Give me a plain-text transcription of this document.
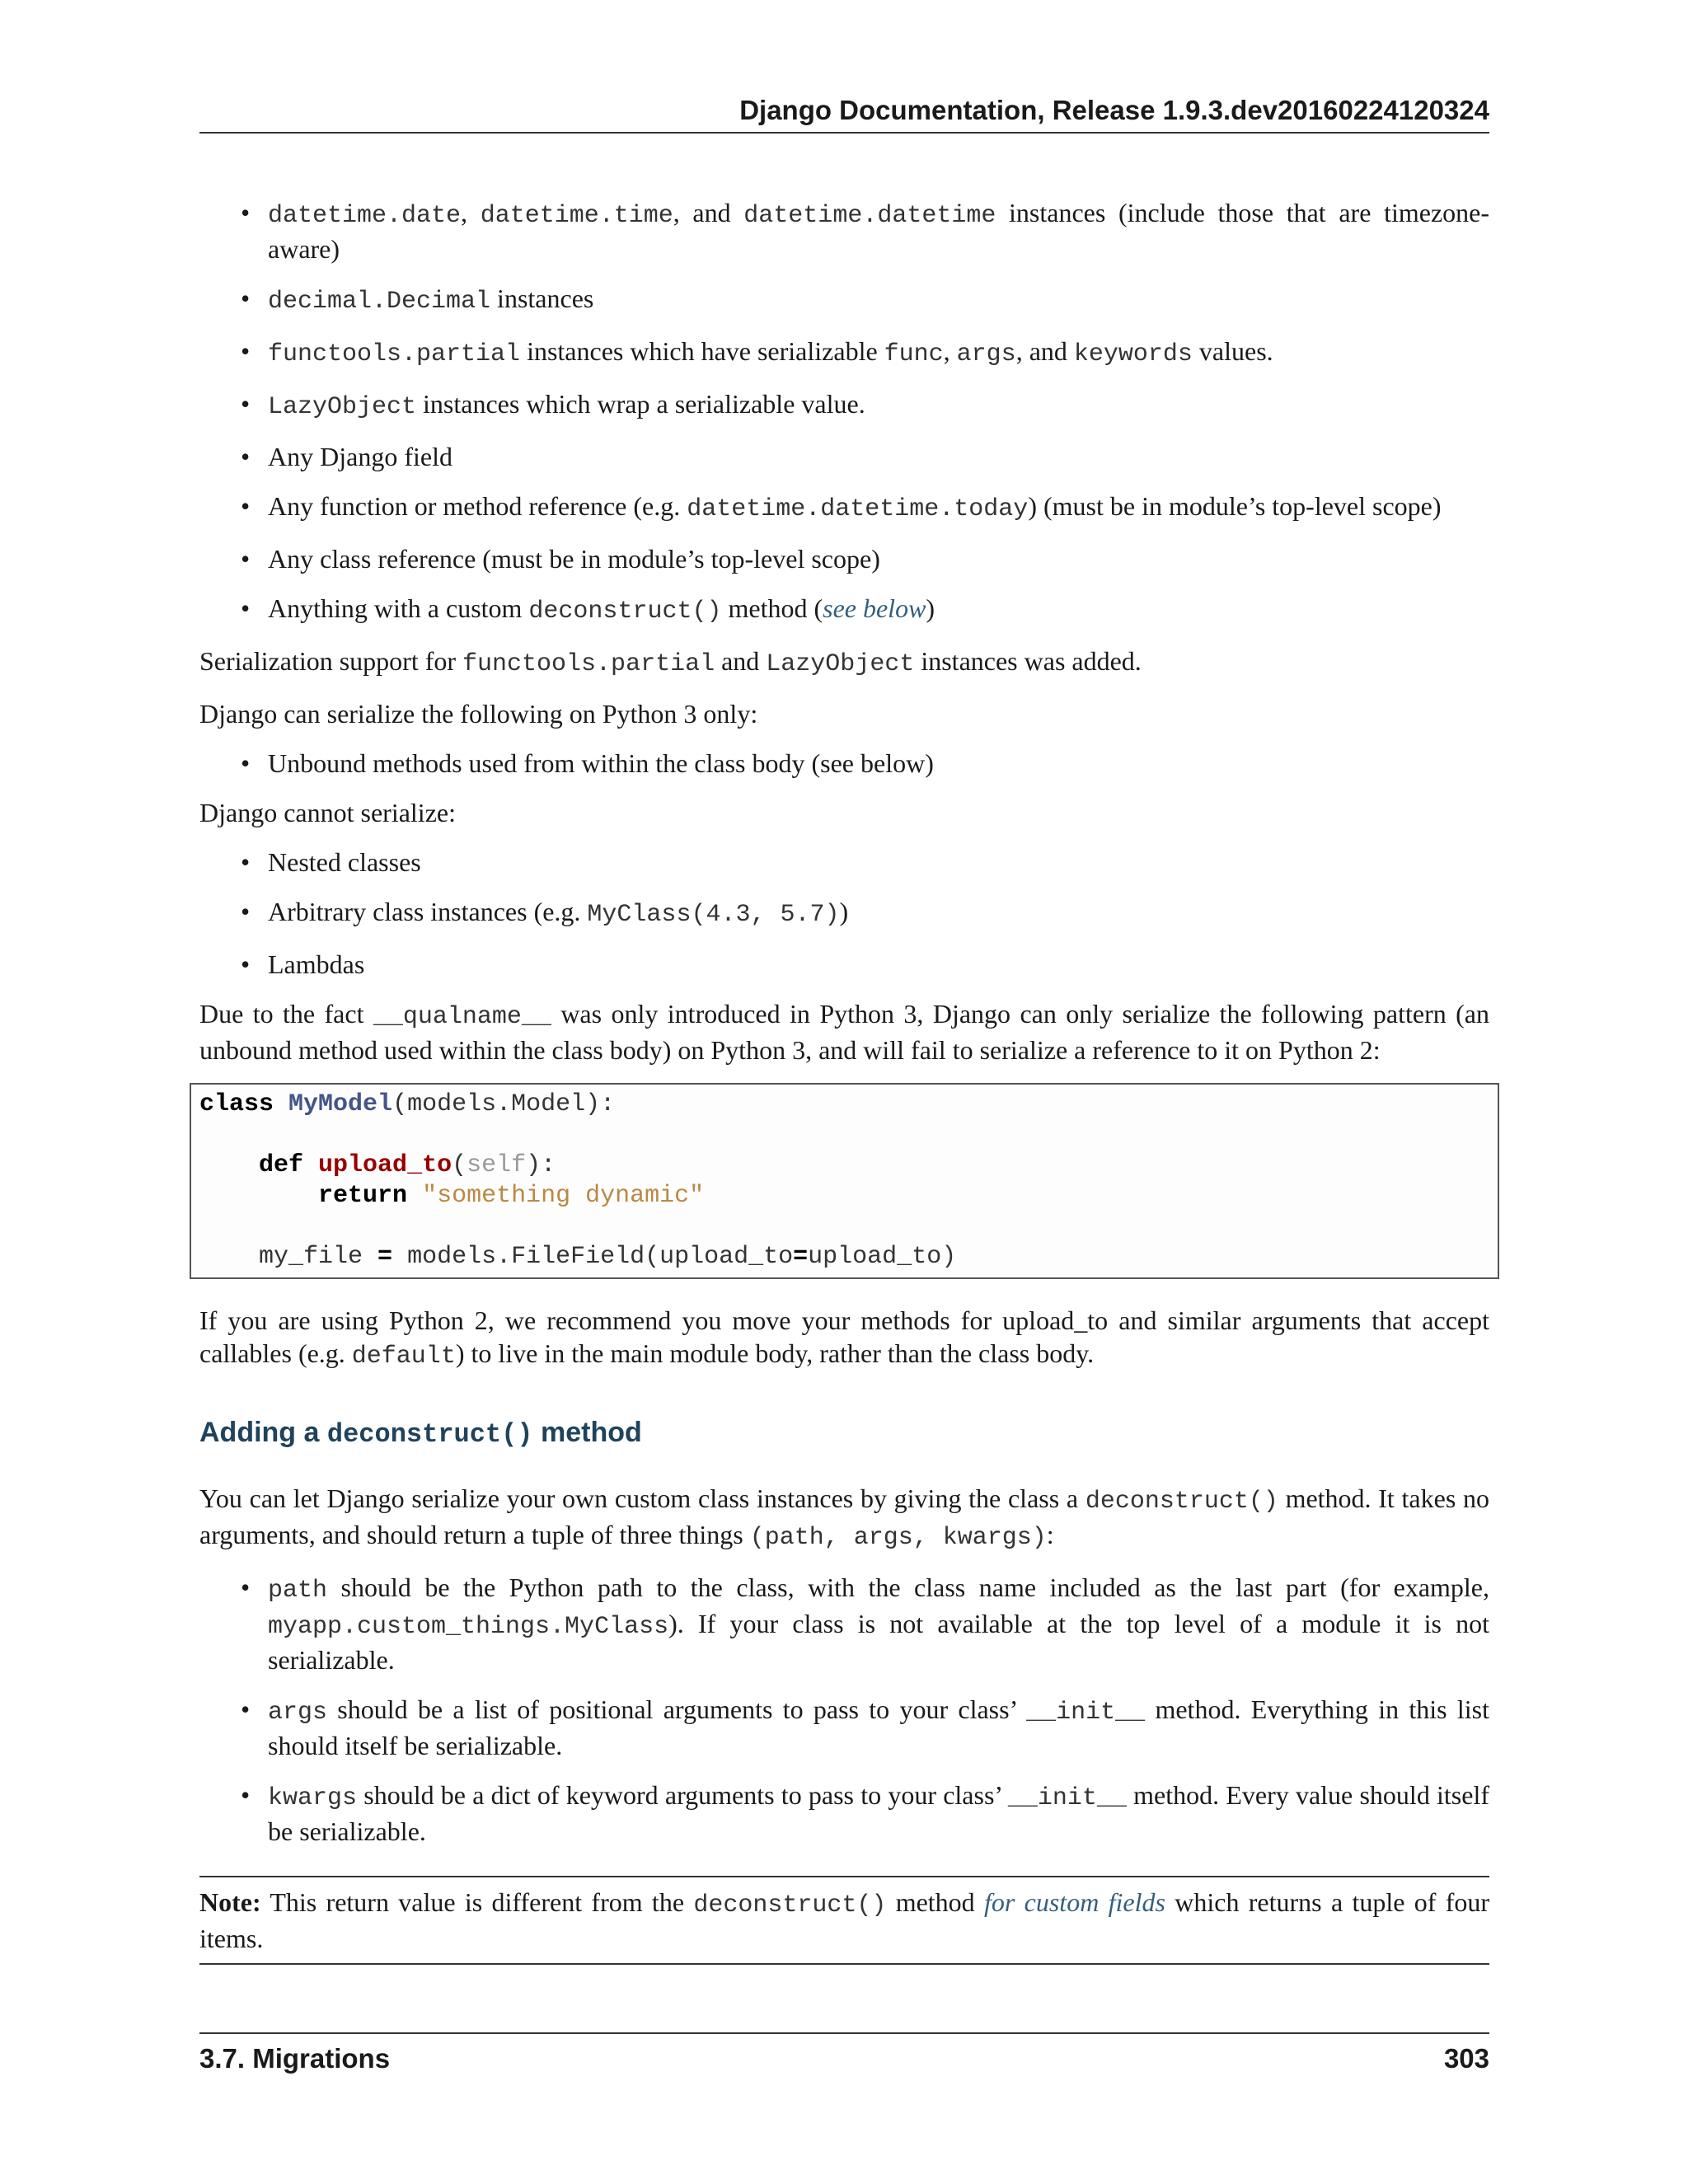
Django Documentation, Release 1.9.3.dev20160224120324
• datetime.date, datetime.time, and datetime.datetime instances (include those that are timezone-aware)
• decimal.Decimal instances
• functools.partial instances which have serializable func, args, and keywords values.
• LazyObject instances which wrap a serializable value.
• Any Django field
• Any function or method reference (e.g. datetime.datetime.today) (must be in module’s top-level scope)
• Any class reference (must be in module’s top-level scope)
• Anything with a custom deconstruct() method (see below)

Serialization support for functools.partial and LazyObject instances was added.

Django can serialize the following on Python 3 only:

• Unbound methods used from within the class body (see below)

Django cannot serialize:

• Nested classes
• Arbitrary class instances (e.g. MyClass(4.3, 5.7))
• Lambdas

Due to the fact __qualname__ was only introduced in Python 3, Django can only serialize the following pattern (an unbound method used within the class body) on Python 3, and will fail to serialize a reference to it on Python 2:

class MyModel(models.Model):

def upload_to(self):
return "something dynamic"

my_file = models.FileField(upload_to=upload_to)

If you are using Python 2, we recommend you move your methods for upload_to and similar arguments that accept callables (e.g. default) to live in the main module body, rather than the class body.

Adding a deconstruct() method

You can let Django serialize your own custom class instances by giving the class a deconstruct() method. It takes no arguments, and should return a tuple of three things (path, args, kwargs):

• path should be the Python path to the class, with the class name included as the last part (for example, myapp.custom_things.MyClass). If your class is not available at the top level of a module it is not serializable.
• args should be a list of positional arguments to pass to your class’ __init__ method. Everything in this list should itself be serializable.
• kwargs should be a dict of keyword arguments to pass to your class’ __init__ method. Every value should itself be serializable.
Note: This return value is different from the deconstruct() method for custom fields which returns a tuple of four items.
3.7. Migrations	303
